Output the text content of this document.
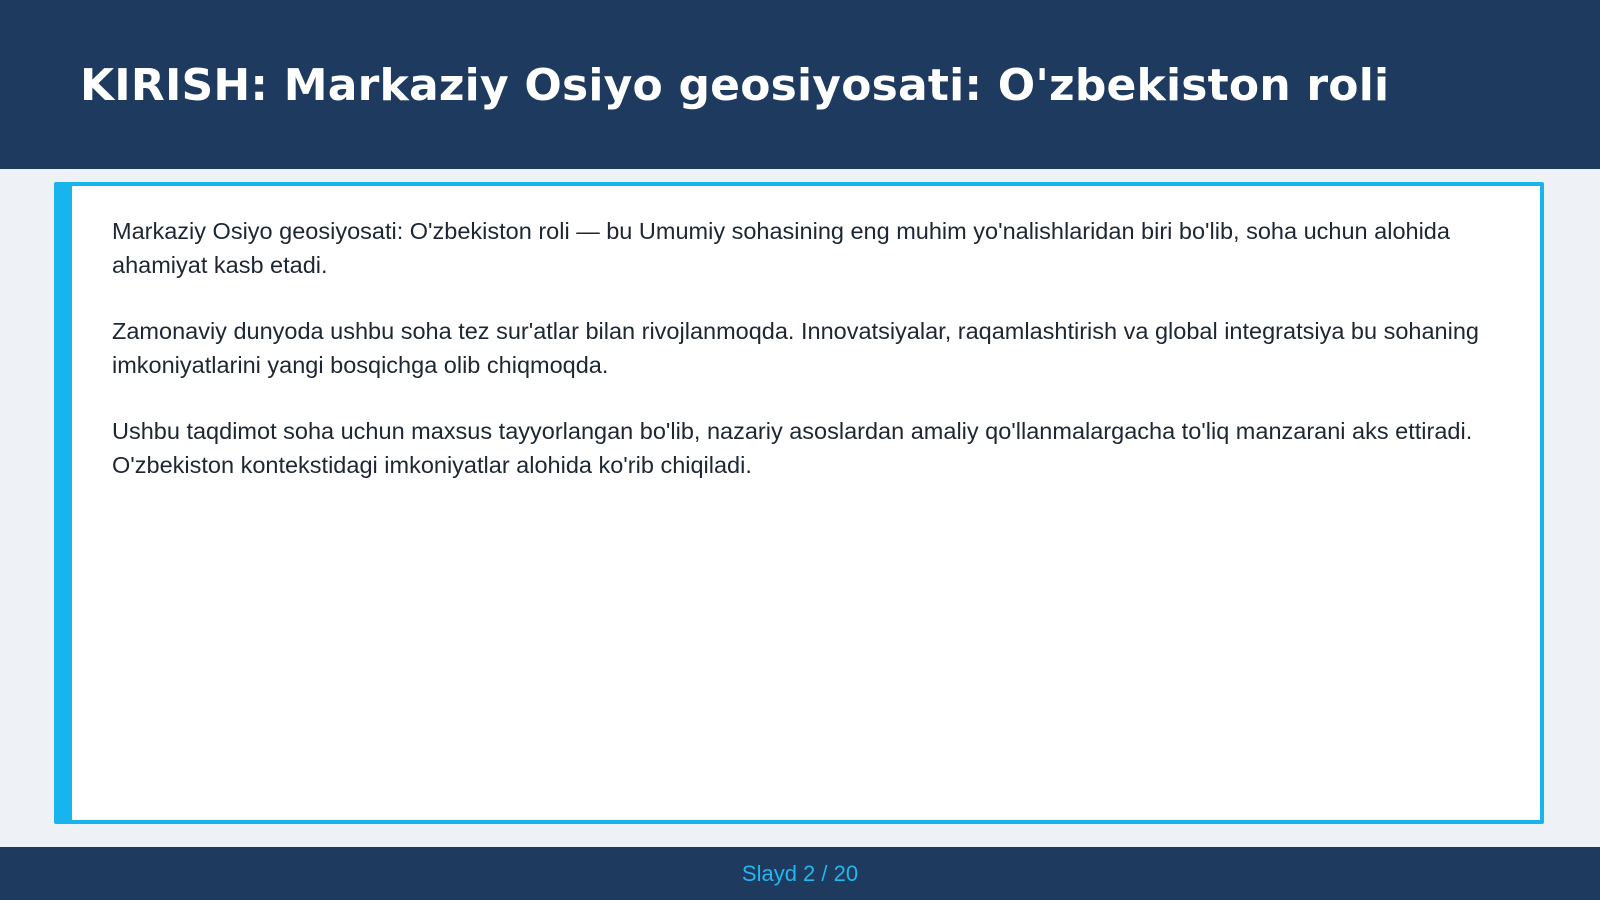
KIRISH: Markaziy Osiyo geosiyosati: O'zbekiston roli

Markaziy Osiyo geosiyosati: O'zbekiston roli — bu Umumiy sohasining eng muhim yo'nalishlaridan biri bo'lib, soha uchun alohida ahamiyat kasb etadi.

Zamonaviy dunyoda ushbu soha tez sur'atlar bilan rivojlanmoqda. Innovatsiyalar, raqamlashtirish va global integratsiya bu sohaning imkoniyatlarini yangi bosqichga olib chiqmoqda.

Ushbu taqdimot soha uchun maxsus tayyorlangan bo'lib, nazariy asoslardan amaliy qo'llanmalargacha to'liq manzarani aks ettiradi. O'zbekiston kontekstidagi imkoniyatlar alohida ko'rib chiqiladi.

Slayd 2 / 20
